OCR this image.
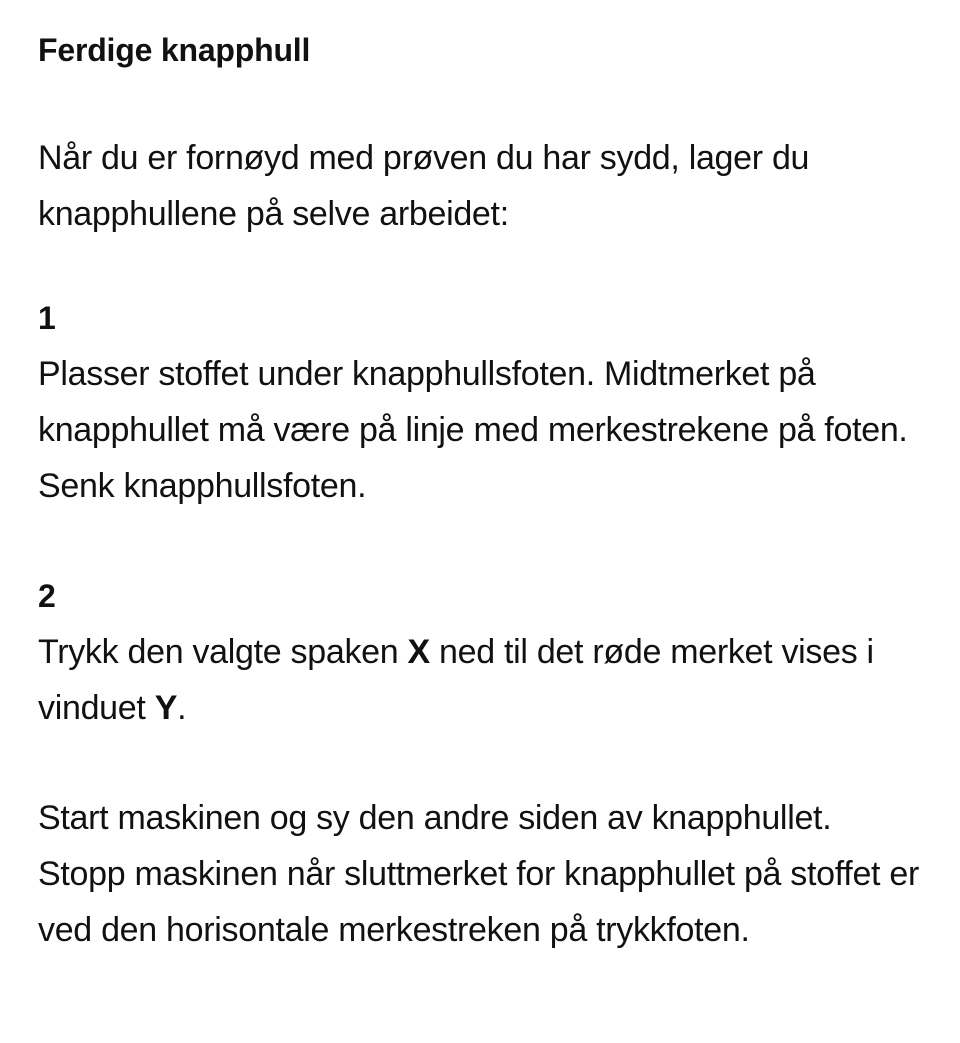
Ferdige knapphull

Når du er fornøyd med prøven du har sydd, lager du knapphullene på selve arbeidet:

1

Plasser stoffet under knapphullsfoten. Midtmerket på knapphullet må være på linje med merkestrekene på foten. Senk knapphullsfoten.

2

Trykk den valgte spaken X ned til det røde merket vises i vinduet Y.

Start maskinen og sy den andre siden av knapphullet. Stopp maskinen når sluttmerket for knapphullet på stoffet er ved den horisontale merkestreken på trykkfoten.
